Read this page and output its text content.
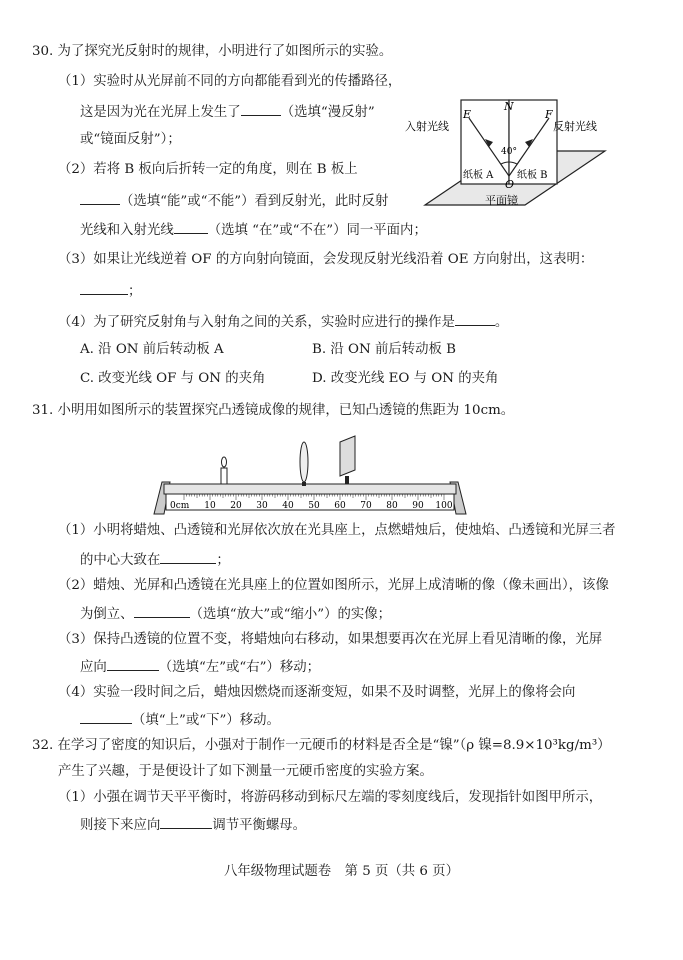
30. 为了探究光反射时的规律，小明进行了如图所示的实验。
（1）实验时从光屏前不同的方向都能看到光的传播路径，
这是因为光在光屏上发生了	（选填“漫反射”
或“镜面反射”）；
（2）若将 B 板向后折转一定的角度，则在 B 板上
（选填“能”或“不能”）看到反射光，此时反射
光线和入射光线	（选填 “在”或“不在”）同一平面内；
（3）如果让光线逆着 OF 的方向射向镜面，会发现反射光线沿着 OE 方向射出，这表明：
；
（4）为了研究反射角与入射角之间的关系，实验时应进行的操作是	。
A. 沿 ON 前后转动板 A	B. 沿 ON 前后转动板 B
C. 改变光线 OF 与 ON 的夹角	D. 改变光线 EO 与 ON 的夹角
N
E	F
O
40°
入射光线	反射光线
纸板 A 纸板 B
平面镜
31. 小明用如图所示的装置探究凸透镜成像的规律，已知凸透镜的焦距为 10cm。
0cm 10 20 30 40 50 60 70 80 90 100
（1）小明将蜡烛、凸透镜和光屏依次放在光具座上，点燃蜡烛后，使烛焰、凸透镜和光屏三者
的中心大致在	；
（2）蜡烛、光屏和凸透镜在光具座上的位置如图所示，光屏上成清晰的像（像未画出），该像
为倒立、	（选填“放大”或“缩小”）的实像；
（3）保持凸透镜的位置不变，将蜡烛向右移动，如果想要再次在光屏上看见清晰的像，光屏
应向	（选填“左”或“右”）移动；
（4）实验一段时间之后，蜡烛因燃烧而逐渐变短，如果不及时调整，光屏上的像将会向
（填“上”或“下”）移动。
32. 在学习了密度的知识后，小强对于制作一元硬币的材料是否全是“镍”（ρ 镍=8.9×10³kg/m³）
产生了兴趣，于是便设计了如下测量一元硬币密度的实验方案。
（1）小强在调节天平平衡时，将游码移动到标尺左端的零刻度线后，发现指针如图甲所示，
则接下来应向	调节平衡螺母。
八年级物理试题卷　第 5 页（共 6 页）
